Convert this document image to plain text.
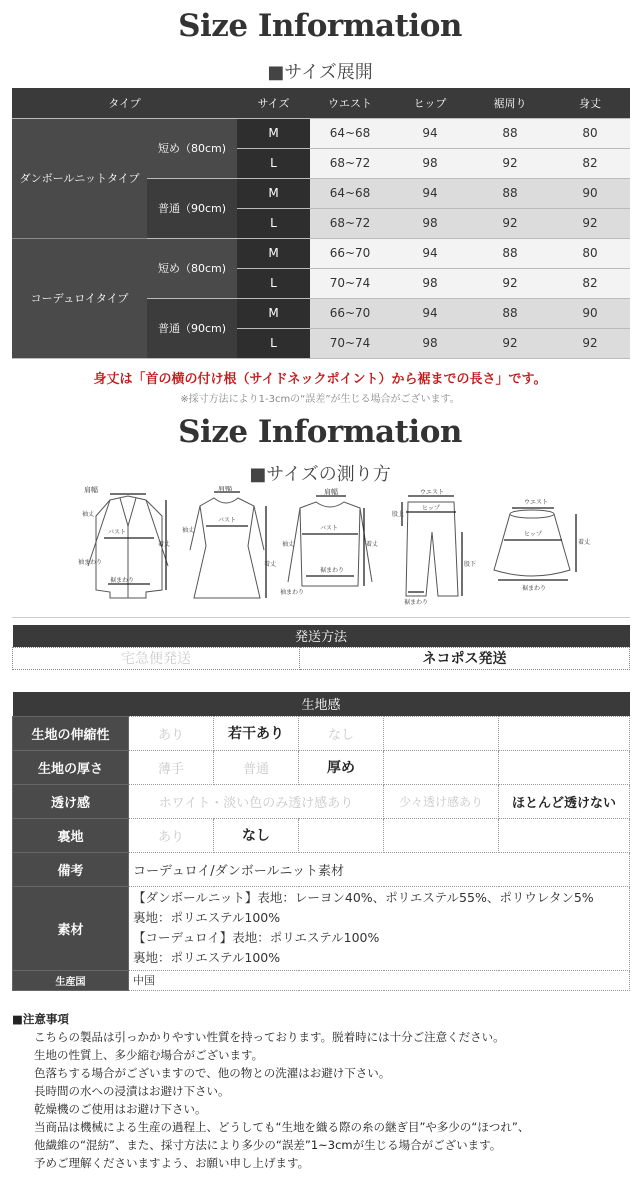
Size Information
■サイズ展開
タイプ		サイズ	ウエスト	ヒップ	裾周り	身丈
ダンボールニットタイプ	短め（80cm)	M	64~68	94	88	80
		L	68~72	98	92	82
	普通（90cm)	M	64~68	94	88	90
		L	68~72	98	92	92
コーデュロイタイプ	短め（80cm)	M	66~70	94	88	80
		L	70~74	98	92	82
	普通（90cm)	M	66~70	94	88	90
		L	70~74	98	92	92
身丈は「首の横の付け根（サイドネックポイント）から裾までの長さ」です。
※採寸方法により1-3cmの“誤差”が生じる場合がございます。
Size Information
■サイズの測り方
肩幅
袖丈
バスト
着丈
袖まわり
裾まわり
肩幅
バスト
袖丈
着丈
肩幅
バスト
袖丈	着丈
裾まわり
袖まわり
ウエスト
ヒップ
股上
股下
裾まわり
ウエスト
ヒップ
着丈
裾まわり
発送方法
宅急便発送	ネコポス発送
生地感					
生地の伸縮性	あり	若干あり	なし		
生地の厚さ	薄手	普通	厚め		
透け感	ホワイト・淡い色のみ透け感あり			少々透け感あり	ほとんど透けない
裏地	あり	なし			
備考	コーデュロイ/ダンボールニット素材				
素材	【ダンボールニット】表地：レーヨン40%、ポリエステル55%、ポリウレタン5%
裏地：ポリエステル100%
【コーデュロイ】表地：ポリエステル100%
裏地：ポリエステル100%				

生産国	中国				
■注意事項
こちらの製品は引っかかりやすい性質を持っております。脱着時には十分ご注意ください。
生地の性質上、多少縮む場合がございます。
色落ちする場合がございますので、他の物との洗濯はお避け下さい。
長時間の水への浸漬はお避け下さい。
乾燥機のご使用はお避け下さい。
当商品は機械による生産の過程上、どうしても“生地を織る際の糸の継ぎ目”や多少の“ほつれ”、
他繊維の“混紡”、また、採寸方法により多少の“誤差”1~3cmが生じる場合がございます。
予めご理解くださいますよう、お願い申し上げます。
